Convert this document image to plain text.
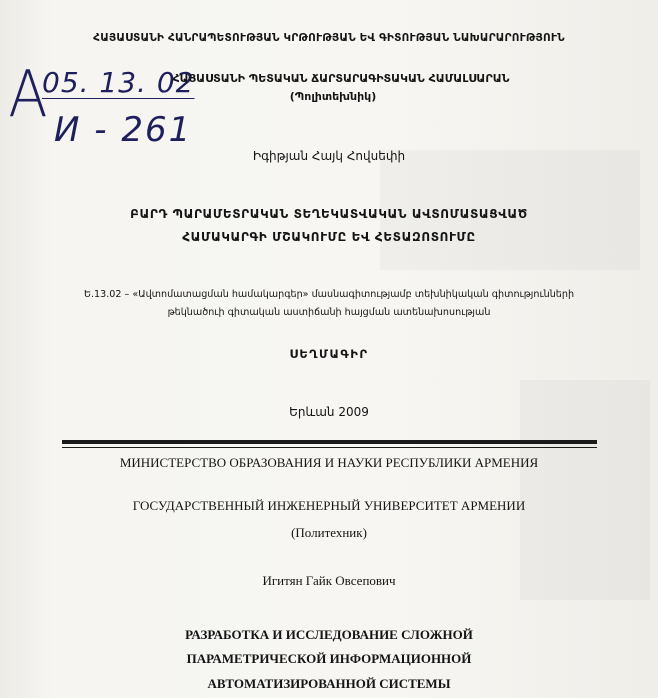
A
05. 13. 02
И - 261
ՀԱՅԱՍՏԱՆԻ ՀԱՆՐԱՊԵՏՈՒԹՅԱՆ ԿՐԹՈՒԹՅԱՆ ԵՎ ԳԻՏՈՒԹՅԱՆ ՆԱԽԱՐԱՐՈՒԹՅՈՒՆ
ՀԱՅԱՍՏԱՆԻ ՊԵՏԱԿԱՆ ՃԱՐՏԱՐԱԳԻՏԱԿԱՆ ՀԱՄԱԼՍԱՐԱՆ
(Պոլիտեխնիկ)
Իգիթյան Հայկ Հովսեփի
ԲԱՐԴ ՊԱՐԱՄԵՏՐԱԿԱՆ ՏԵՂԵԿԱՏՎԱԿԱՆ ԱՎՏՈՄԱՏԱՑՎԱԾ
ՀԱՄԱԿԱՐԳԻ ՄՇԱԿՈՒՄԸ ԵՎ ՀԵՏԱԶՈՏՈՒՄԸ
Ե.13.02 – «Ավտոմատացման համակարգեր» մասնագիտությամբ տեխնիկական գիտությունների
թեկնածուի գիտական աստիճանի հայցման ատենախոսության
ՍԵՂՄԱԳԻՐ
Երևան 2009
МИНИСТЕРСТВО ОБРАЗОВАНИЯ И НАУКИ РЕСПУБЛИКИ АРМЕНИЯ
ГОСУДАРСТВЕННЫЙ ИНЖЕНЕРНЫЙ УНИВЕРСИТЕТ АРМЕНИИ
(Политехник)
Игитян Гайк Овсепович
РАЗРАБОТКА И ИССЛЕДОВАНИЕ СЛОЖНОЙ
ПАРАМЕТРИЧЕСКОЙ ИНФОРМАЦИОННОЙ
АВТОМАТИЗИРОВАННОЙ СИСТЕМЫ
